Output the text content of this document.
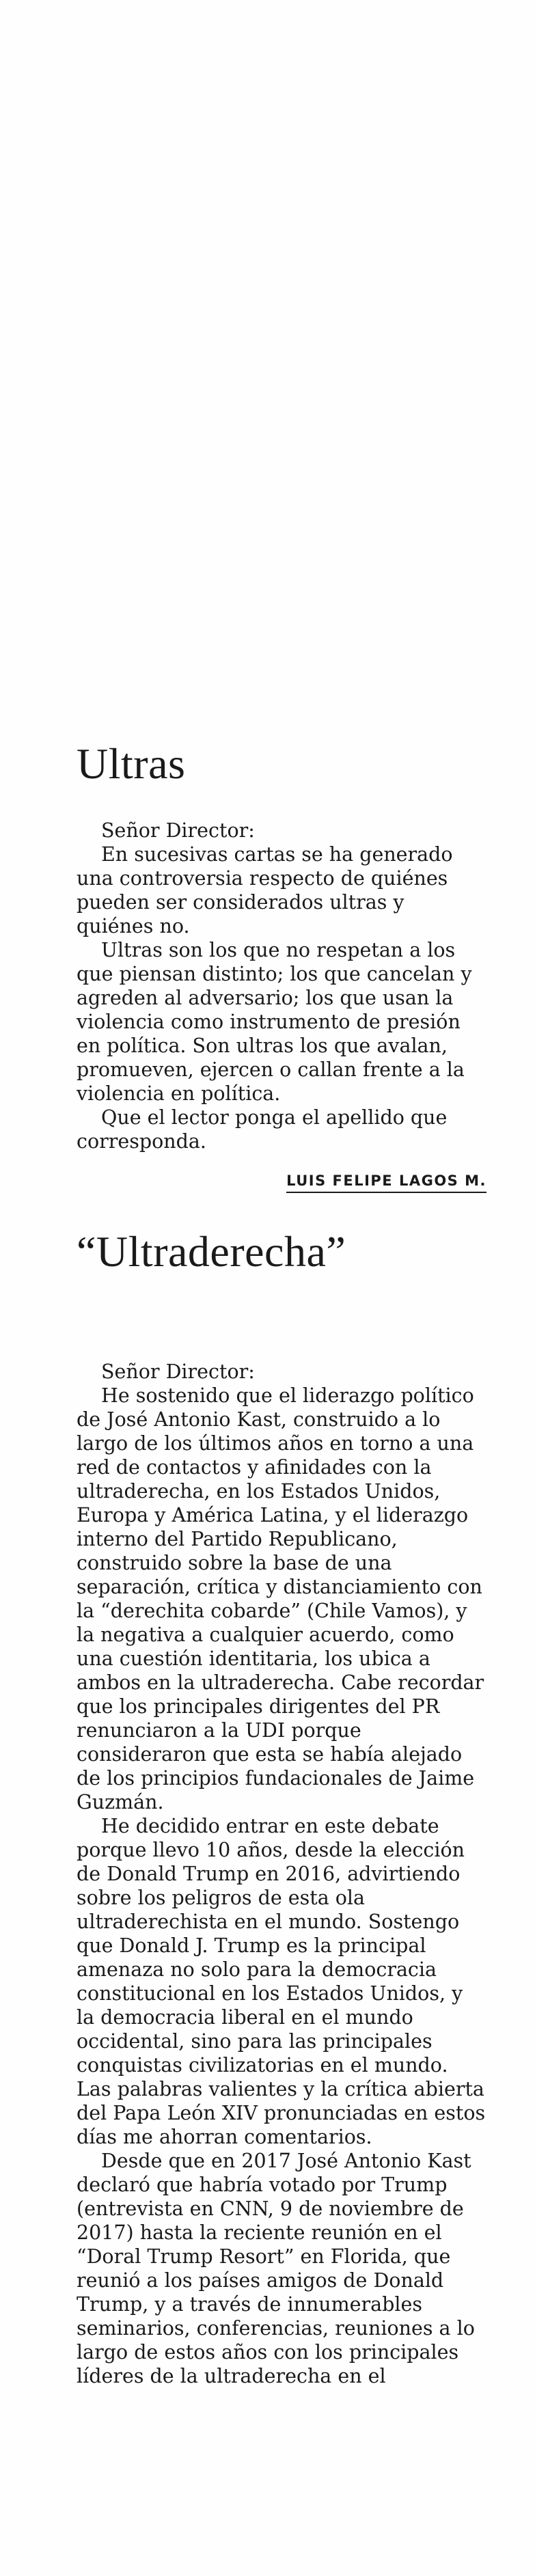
Ultras

Señor Director:

En sucesivas cartas se ha generado una controversia respecto de quiénes pueden ser considerados ultras y quiénes no.

Ultras son los que no respetan a los que piensan distinto; los que cancelan y agreden al adversario; los que usan la violencia como instrumento de presión en política. Son ultras los que avalan, promueven, ejercen o callan frente a la violencia en política.

Que el lector ponga el apellido que corresponda.

LUIS FELIPE LAGOS M.
“Ultraderecha”

Señor Director:

He sostenido que el liderazgo político de José Antonio Kast, construido a lo largo de los últimos años en torno a una red de contactos y afinidades con la ultraderecha, en los Estados Unidos, Europa y América Latina, y el liderazgo interno del Partido Republicano, construido sobre la base de una separación, crítica y distanciamiento con la “derechita cobarde” (Chile Vamos), y la negativa a cualquier acuerdo, como una cuestión identitaria, los ubica a ambos en la ultraderecha. Cabe recordar que los principales dirigentes del PR renunciaron a la UDI porque consideraron que esta se había alejado de los principios fundacionales de Jaime Guzmán.

He decidido entrar en este debate porque llevo 10 años, desde la elección de Donald Trump en 2016, advirtiendo sobre los peligros de esta ola ultraderechista en el mundo. Sostengo que Donald J. Trump es la principal amenaza no solo para la democracia constitucional en los Estados Unidos, y la democracia liberal en el mundo occidental, sino para las principales conquistas civilizatorias en el mundo. Las palabras valientes y la crítica abierta del Papa León XIV pronunciadas en estos días me ahorran comentarios.

Desde que en 2017 José Antonio Kast declaró que habría votado por Trump (entrevista en CNN, 9 de noviembre de 2017) hasta la reciente reunión en el “Doral Trump Resort” en Florida, que reunió a los países amigos de Donald Trump, y a través de innumerables seminarios, conferencias, reuniones a lo largo de estos años con los principales líderes de la ultraderecha en el
